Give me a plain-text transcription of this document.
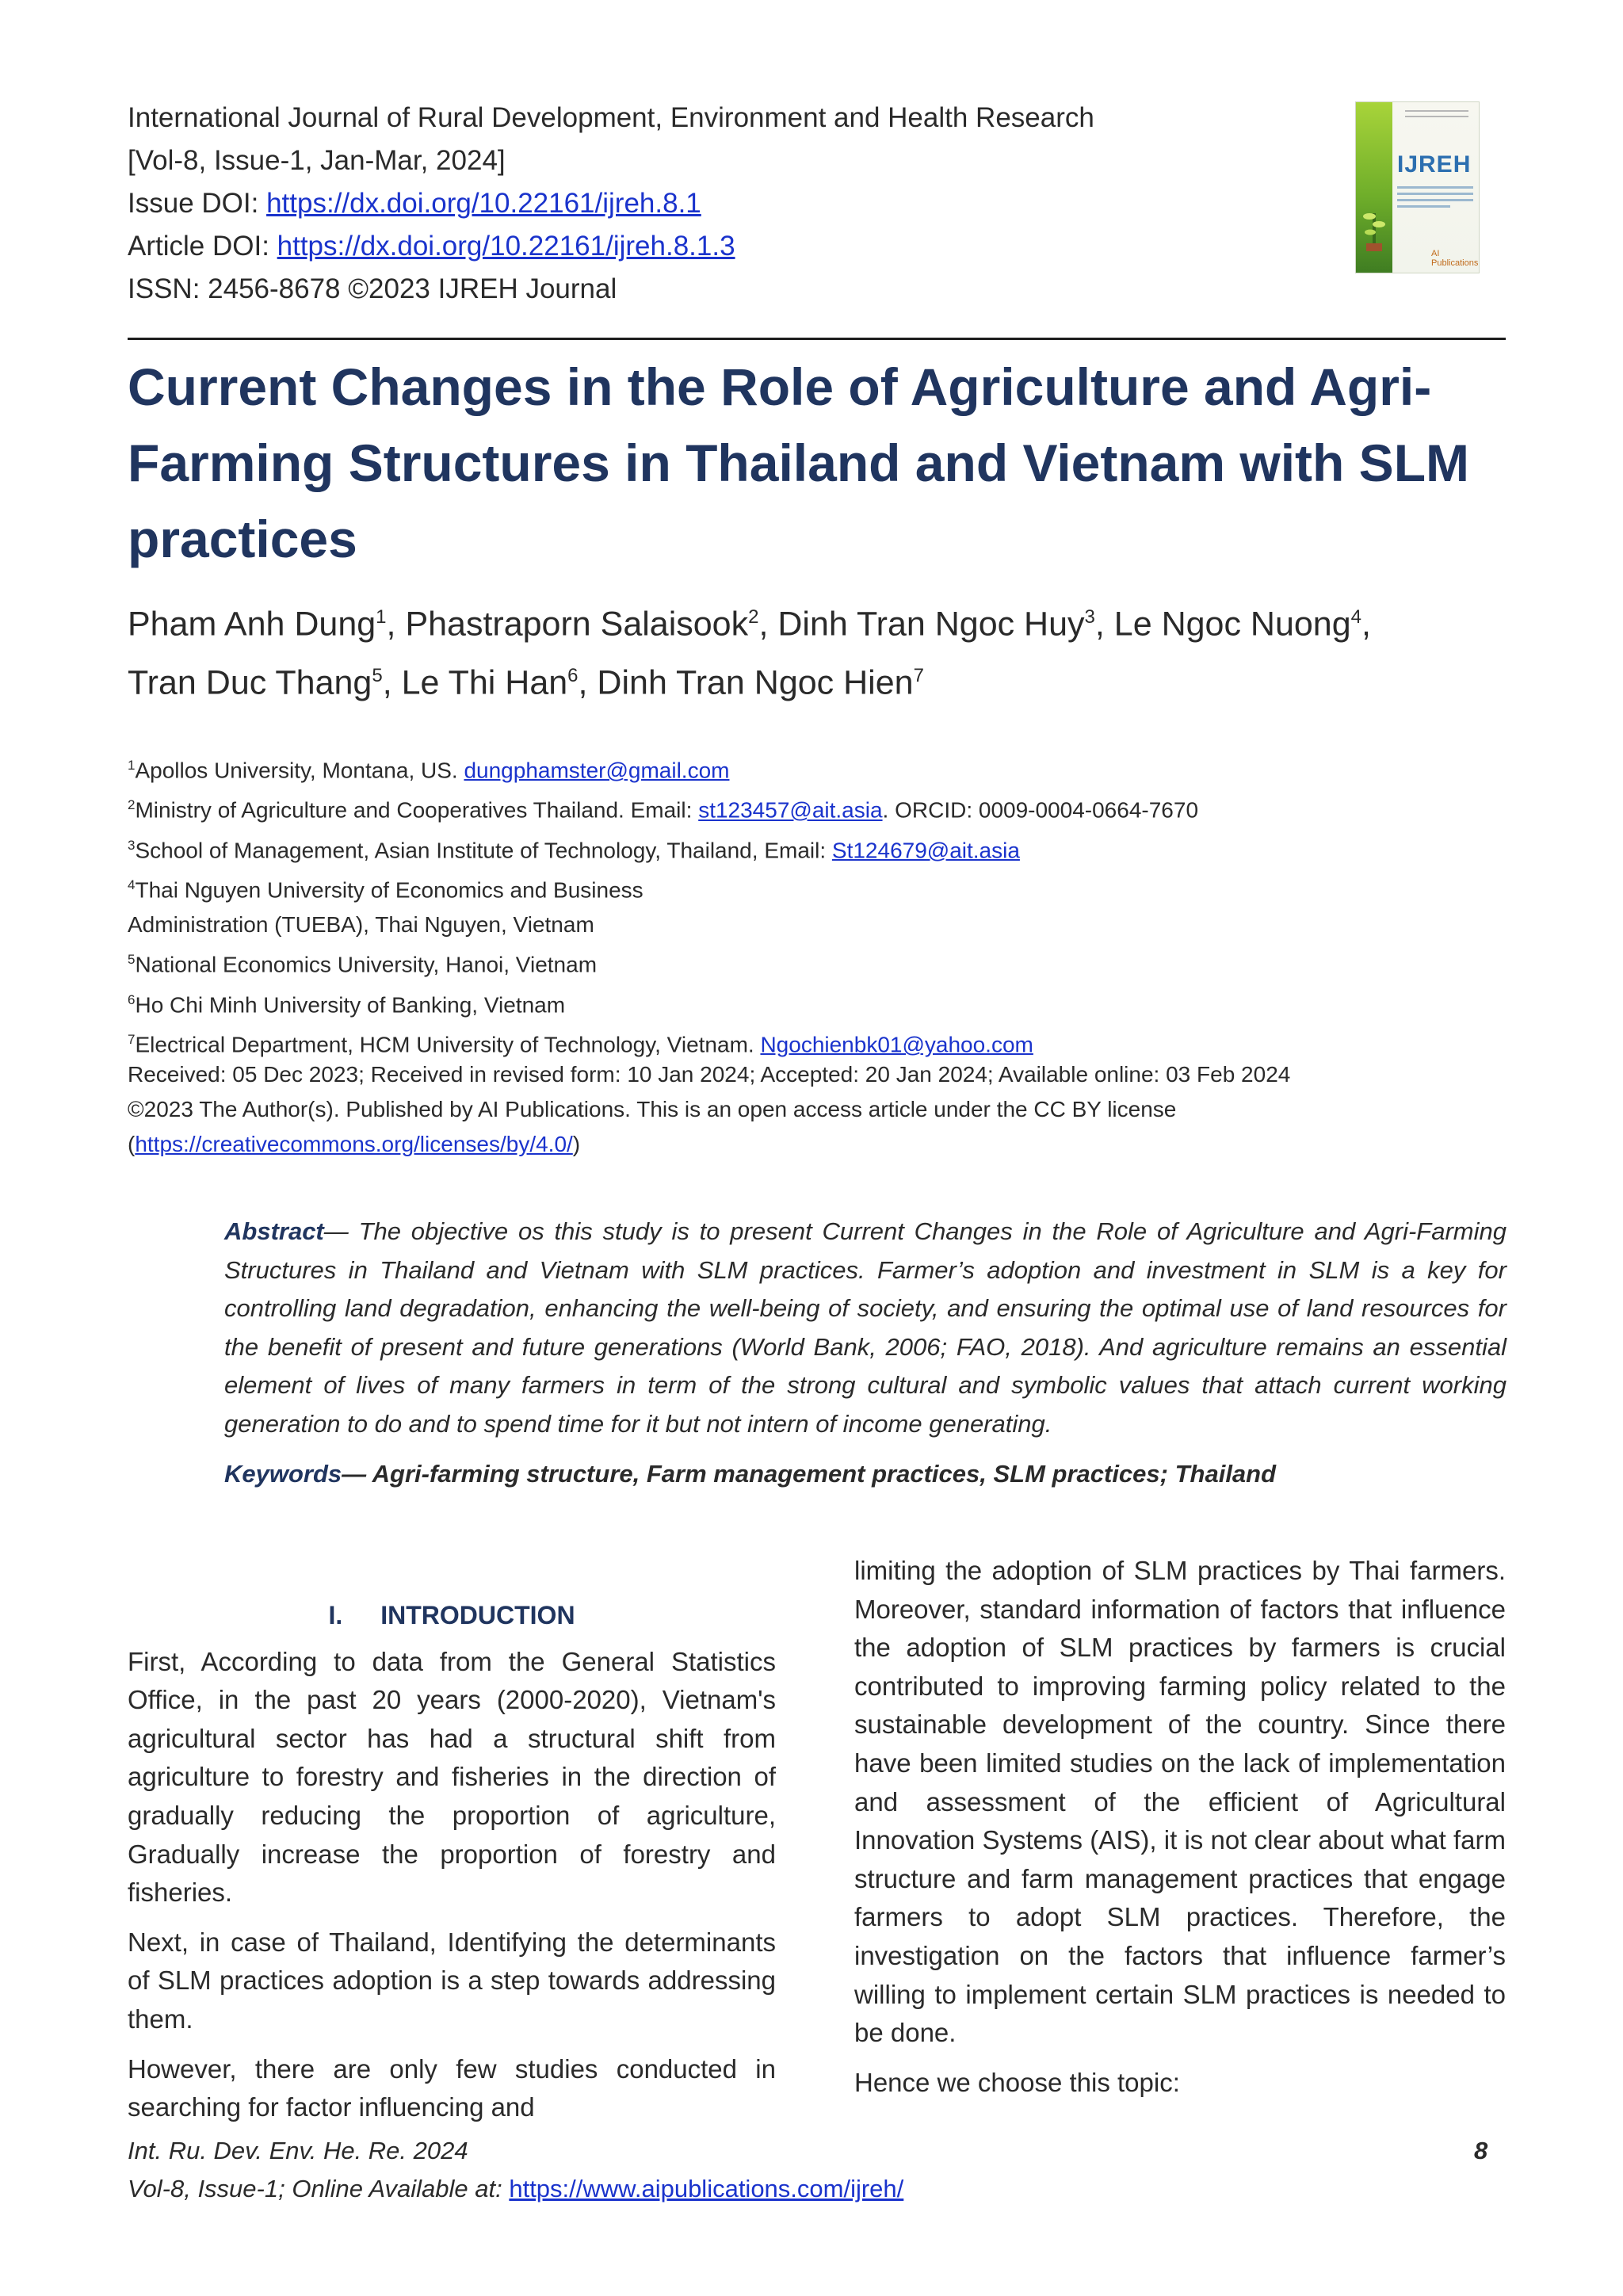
International Journal of Rural Development, Environment and Health Research
[Vol-8, Issue-1, Jan-Mar, 2024]
Issue DOI: https://dx.doi.org/10.22161/ijreh.8.1
Article DOI: https://dx.doi.org/10.22161/ijreh.8.1.3
ISSN: 2456-8678 ©2023 IJREH Journal
IJREH
AI Publications
Current Changes in the Role of Agriculture and Agri-
Farming Structures in Thailand and Vietnam with SLM
practices
Pham Anh Dung$^1$, Phastraporn Salaisook$^2$, Dinh Tran Ngoc Huy$^3$, Le Ngoc Nuong$^4$,
Tran Duc Thang$^5$, Le Thi Han$^6$, Dinh Tran Ngoc Hien$^7$
$^1$Apollos University, Montana, US. dungphamster@gmail.com
$^2$Ministry of Agriculture and Cooperatives Thailand. Email: st123457@ait.asia. ORCID: 0009-0004-0664-7670
$^3$School of Management, Asian Institute of Technology, Thailand, Email: St124679@ait.asia
$^4$Thai Nguyen University of Economics and Business
Administration (TUEBA), Thai Nguyen, Vietnam
$^5$National Economics University, Hanoi, Vietnam
$^6$Ho Chi Minh University of Banking, Vietnam
$^7$Electrical Department, HCM University of Technology, Vietnam. Ngochienbk01@yahoo.com
Received: 05 Dec 2023; Received in revised form: 10 Jan 2024; Accepted: 20 Jan 2024; Available online: 03 Feb 2024
©2023 The Author(s). Published by AI Publications. This is an open access article under the CC BY license
(https://creativecommons.org/licenses/by/4.0/)
Abstract— The objective os this study is to present Current Changes in the Role of Agriculture and Agri-Farming Structures in Thailand and Vietnam with SLM practices. Farmer’s adoption and investment in SLM is a key for controlling land degradation, enhancing the well-being of society, and ensuring the optimal use of land resources for the benefit of present and future generations (World Bank, 2006; FAO, 2018). And agriculture remains an essential element of lives of many farmers in term of the strong cultural and symbolic values that attach current working generation to do and to spend time for it but not intern of income generating.
Keywords— Agri-farming structure, Farm management practices, SLM practices; Thailand

I. INTRODUCTION

First, According to data from the General Statistics Office, in the past 20 years (2000-2020), Vietnam's agricultural sector has had a structural shift from agriculture to forestry and fisheries in the direction of gradually reducing the proportion of agriculture, Gradually increase the proportion of forestry and fisheries.

Next, in case of Thailand, Identifying the determinants of SLM practices adoption is a step towards addressing them.

However, there are only few studies conducted in searching for factor influencing and

limiting the adoption of SLM practices by Thai farmers. Moreover, standard information of factors that influence the adoption of SLM practices by farmers is crucial contributed to improving farming policy related to the sustainable development of the country. Since there have been limited studies on the lack of implementation and assessment of the efficient of Agricultural Innovation Systems (AIS), it is not clear about what farm structure and farm management practices that engage farmers to adopt SLM practices. Therefore, the investigation on the factors that influence farmer’s willing to implement certain SLM practices is needed to be done.

Hence we choose this topic:

Int. Ru. Dev. Env. He. Re. 2024
Vol-8, Issue-1; Online Available at: https://www.aipublications.com/ijreh/
8
